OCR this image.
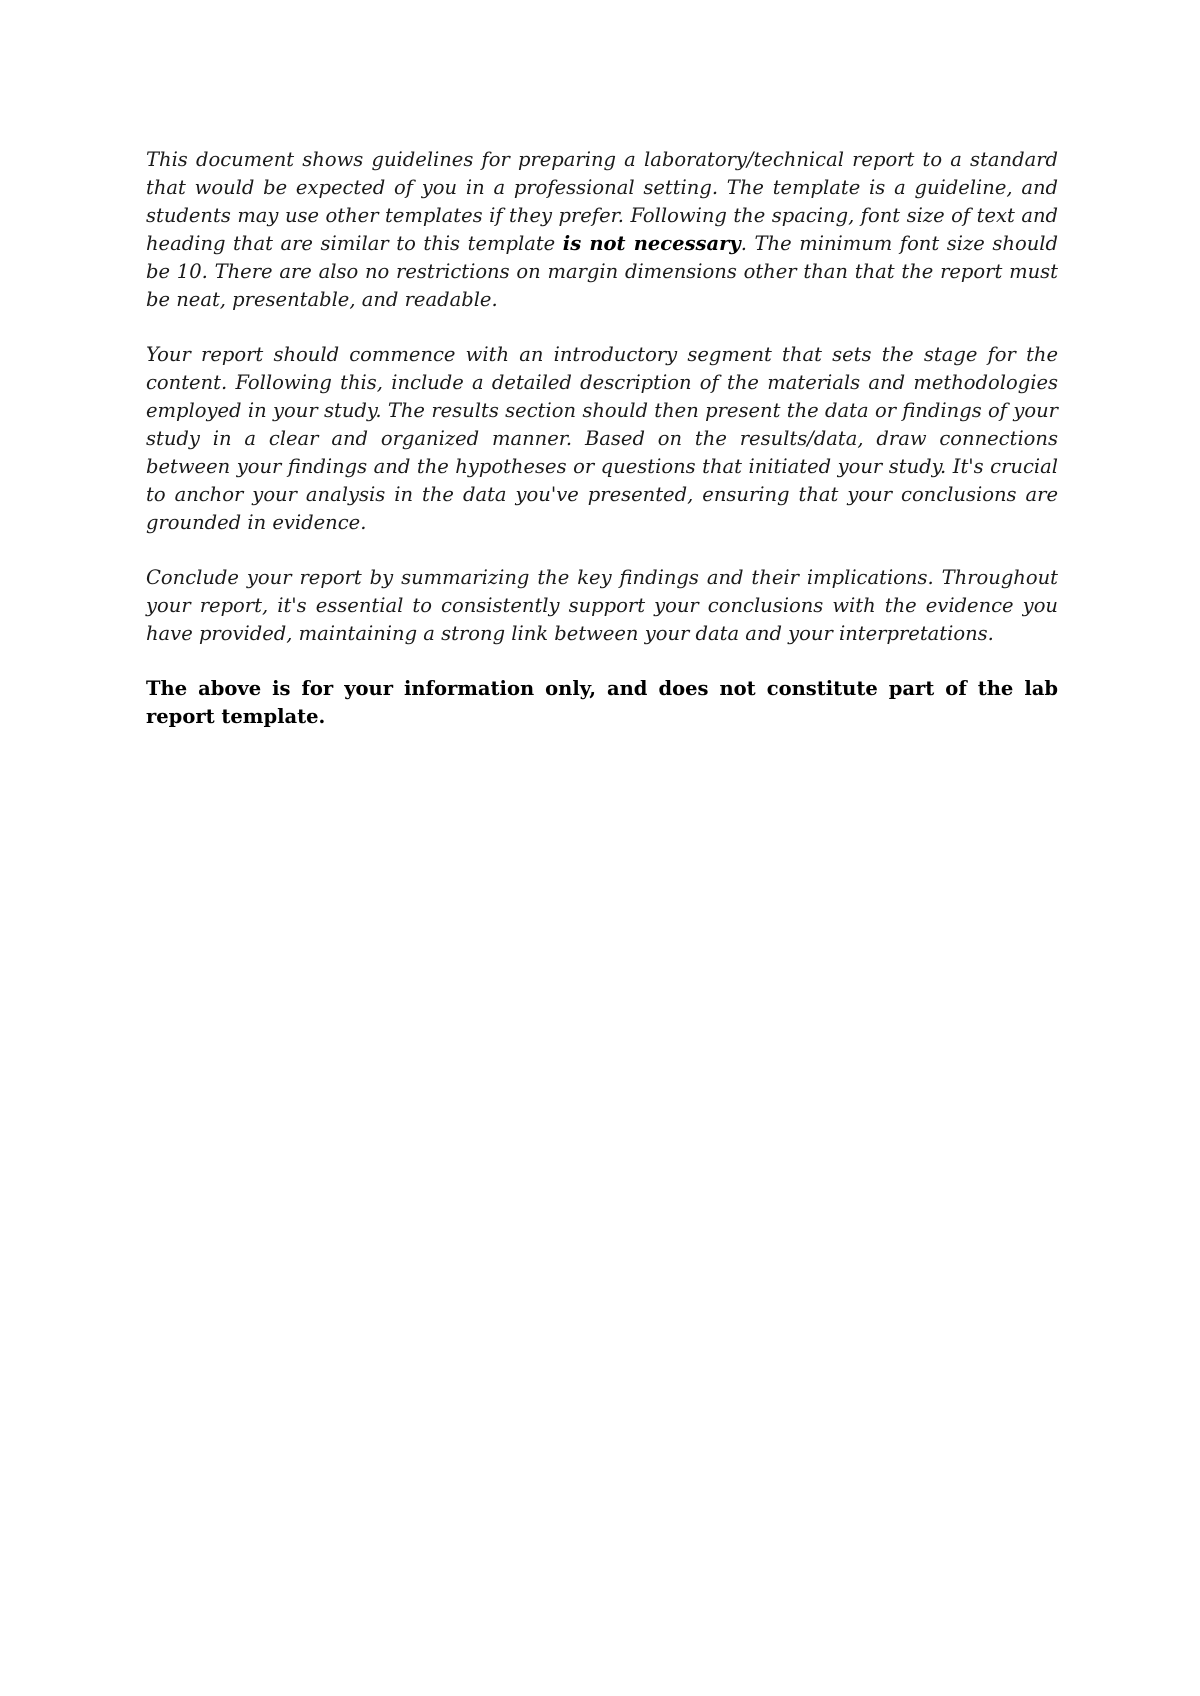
This document shows guidelines for preparing a laboratory/technical report to a standard that would be expected of you in a professional setting. The template is a guideline, and students may use other templates if they prefer. Following the spacing, font size of text and heading that are similar to this template is not necessary. The minimum font size should be 10. There are also no restrictions on margin dimensions other than that the report must be neat, presentable, and readable.

Your report should commence with an introductory segment that sets the stage for the content. Following this, include a detailed description of the materials and methodologies employed in your study. The results section should then present the data or findings of your study in a clear and organized manner. Based on the results/data, draw connections between your findings and the hypotheses or questions that initiated your study. It's crucial to anchor your analysis in the data you've presented, ensuring that your conclusions are grounded in evidence.

Conclude your report by summarizing the key findings and their implications. Throughout your report, it's essential to consistently support your conclusions with the evidence you have provided, maintaining a strong link between your data and your interpretations.

The above is for your information only, and does not constitute part of the lab report template.
